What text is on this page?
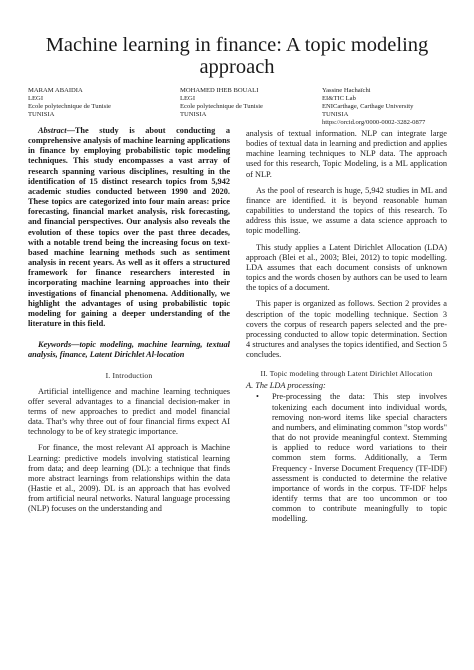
Machine learning in finance: A topic modeling approach
MARAM ABAIDIA
LEGI
Ecole polytechnique de Tunisie
TUNISIA
MOHAMED IHEB BOUALI
LEGI
Ecole polytechnique de Tunisie
TUNISIA
Yassine Hachaïchi
EI&TIC Lab
ENICarthage, Carthage University
TUNISIA
https://orcid.org/0000-0002-3282-0877

Abstract—The study is about conducting a comprehensive analysis of machine learning applications in finance by employing probabilistic topic modeling techniques. This study encompasses a vast array of research spanning various disciplines, resulting in the identification of 15 distinct research topics from 5,942 academic studies conducted between 1990 and 2020. These topics are categorized into four main areas: price forecasting, financial market analysis, risk forecasting, and financial perspectives. Our analysis also reveals the evolution of these topics over the past three decades, with a notable trend being the increasing focus on text-based machine learning methods such as sentiment analysis in recent years. As well as it offers a structured framework for finance researchers interested in incorporating machine learning approaches into their investigations of financial phenomena. Additionally, we highlight the advantages of using probabilistic topic modeling for gaining a deeper understanding of the literature in this field.

Keywords—topic modeling, machine learning, textual analysis, finance, Latent Dirichlet Al-location

I. Introduction

Artificial intelligence and machine learning techniques offer several advantages to a financial decision-maker in terms of new approaches to predict and model financial data. That’s why three out of four financial firms expect AI technology to be of key strategic importance.

For finance, the most relevant AI approach is Machine Learning: predictive models involving statistical learning from data; and deep learning (DL): a technique that finds more abstract learnings from relationships within the data (Hastie et al., 2009). DL is an approach that has evolved from artificial neural networks. Natural language processing (NLP) focuses on the understanding and

analysis of textual information. NLP can integrate large bodies of textual data in learning and prediction and applies machine learning techniques to NLP data. The approach used for this research, Topic Modeling, is a ML application of NLP.

As the pool of research is huge, 5,942 studies in ML and finance are identified. it is beyond reasonable human capabilities to understand the topics of this research. To address this issue, we assume a data science approach to topic modelling.

This study applies a Latent Dirichlet Allocation (LDA) approach (Blei et al., 2003; Blei, 2012) to topic modelling. LDA assumes that each document consists of unknown topics and the words chosen by authors can be used to learn the topics of a document.

This paper is organized as follows. Section 2 provides a description of the topic modelling technique. Section 3 covers the corpus of research papers selected and the pre-processing conducted to allow topic determination. Section 4 structures and analyses the topics identified, and Section 5 concludes.

II. Topic modeling through Latent Dirichlet Allocation

A. The LDA processing:

• Pre-processing the data: This step involves tokenizing each document into individual words, removing non-word items like special characters and numbers, and eliminating common "stop words" that do not provide meaningful context. Stemming is applied to reduce word variations to their common stem forms. Additionally, a Term Frequency - Inverse Document Frequency (TF-IDF) assessment is conducted to determine the relative importance of words in the corpus. TF-IDF helps identify terms that are too uncommon or too common to contribute meaningfully to topic modelling.
